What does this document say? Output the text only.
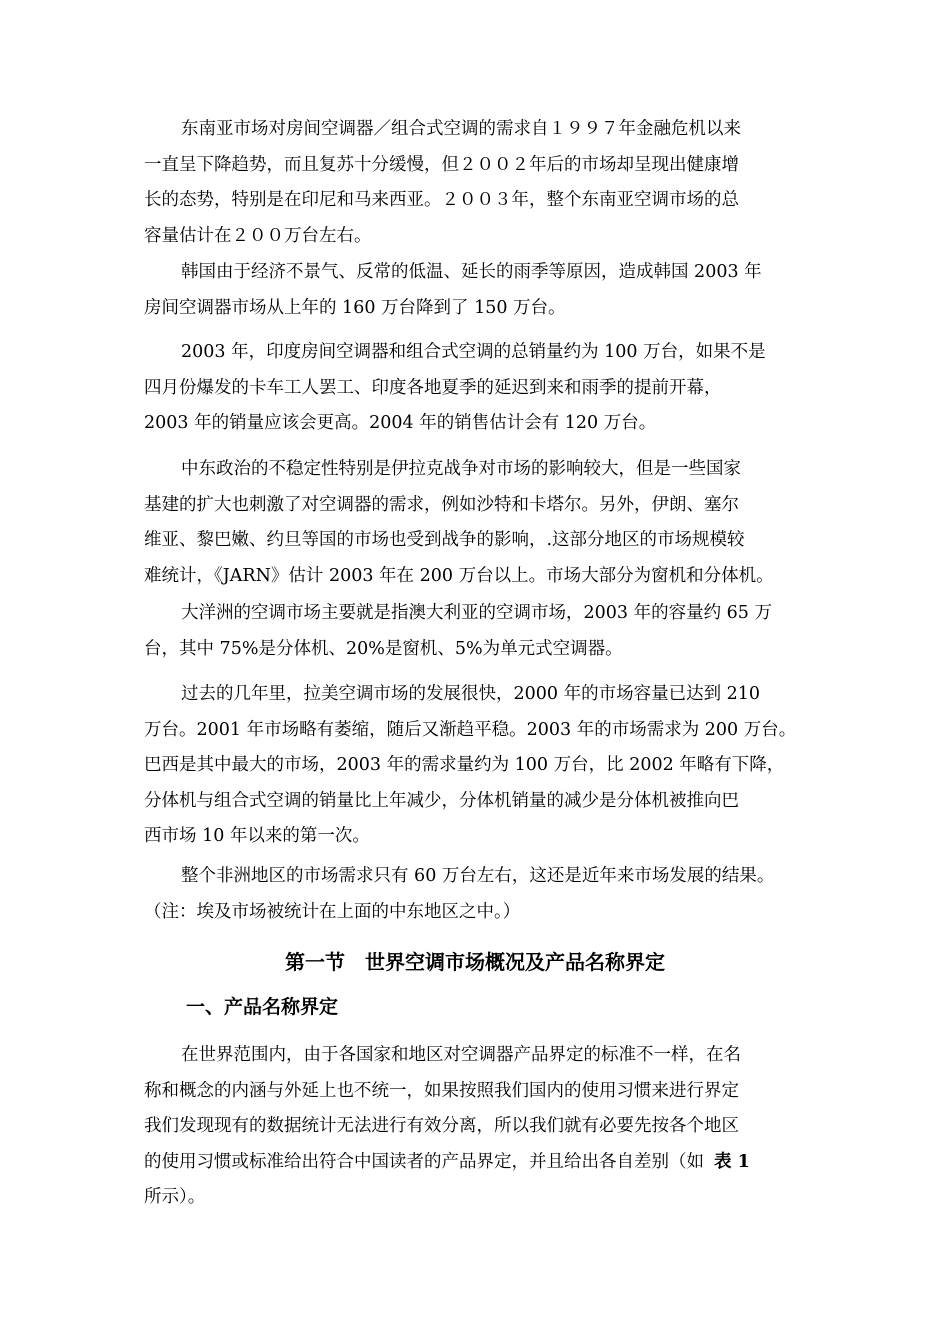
东南亚市场对房间空调器／组合式空调的需求自１９９７年金融危机以来
一直呈下降趋势，而且复苏十分缓慢，但２００２年后的市场却呈现出健康增
长的态势，特别是在印尼和马来西亚。２００３年，整个东南亚空调市场的总
容量估计在２００万台左右。
韩国由于经济不景气、反常的低温、延长的雨季等原因，造成韩国 2003 年
房间空调器市场从上年的 160 万台降到了 150 万台。
2003 年，印度房间空调器和组合式空调的总销量约为 100 万台，如果不是
四月份爆发的卡车工人罢工、印度各地夏季的延迟到来和雨季的提前开幕，
2003 年的销量应该会更高。2004 年的销售估计会有 120 万台。
中东政治的不稳定性特别是伊拉克战争对市场的影响较大，但是一些国家
基建的扩大也刺激了对空调器的需求，例如沙特和卡塔尔。另外，伊朗、塞尔
维亚、黎巴嫩、约旦等国的市场也受到战争的影响，.这部分地区的市场规模较
难统计，《JARN》估计 2003 年在 200 万台以上。市场大部分为窗机和分体机。
大洋洲的空调市场主要就是指澳大利亚的空调市场，2003 年的容量约 65 万
台，其中 75%是分体机、20%是窗机、5%为单元式空调器。
过去的几年里，拉美空调市场的发展很快，2000 年的市场容量已达到 210
万台。2001 年市场略有萎缩，随后又渐趋平稳。2003 年的市场需求为 200 万台。
巴西是其中最大的市场，2003 年的需求量约为 100 万台，比 2002 年略有下降，
分体机与组合式空调的销量比上年减少，分体机销量的减少是分体机被推向巴
西市场 10 年以来的第一次。
整个非洲地区的市场需求只有 60 万台左右，这还是近年来市场发展的结果。
（注：埃及市场被统计在上面的中东地区之中。）
第一节　世界空调市场概况及产品名称界定
一、产品名称界定
在世界范围内，由于各国家和地区对空调器产品界定的标准不一样，在名
称和概念的内涵与外延上也不统一，如果按照我们国内的使用习惯来进行界定
我们发现现有的数据统计无法进行有效分离，所以我们就有必要先按各个地区
的使用习惯或标准给出符合中国读者的产品界定，并且给出各自差别（如 表 1
所示）。
